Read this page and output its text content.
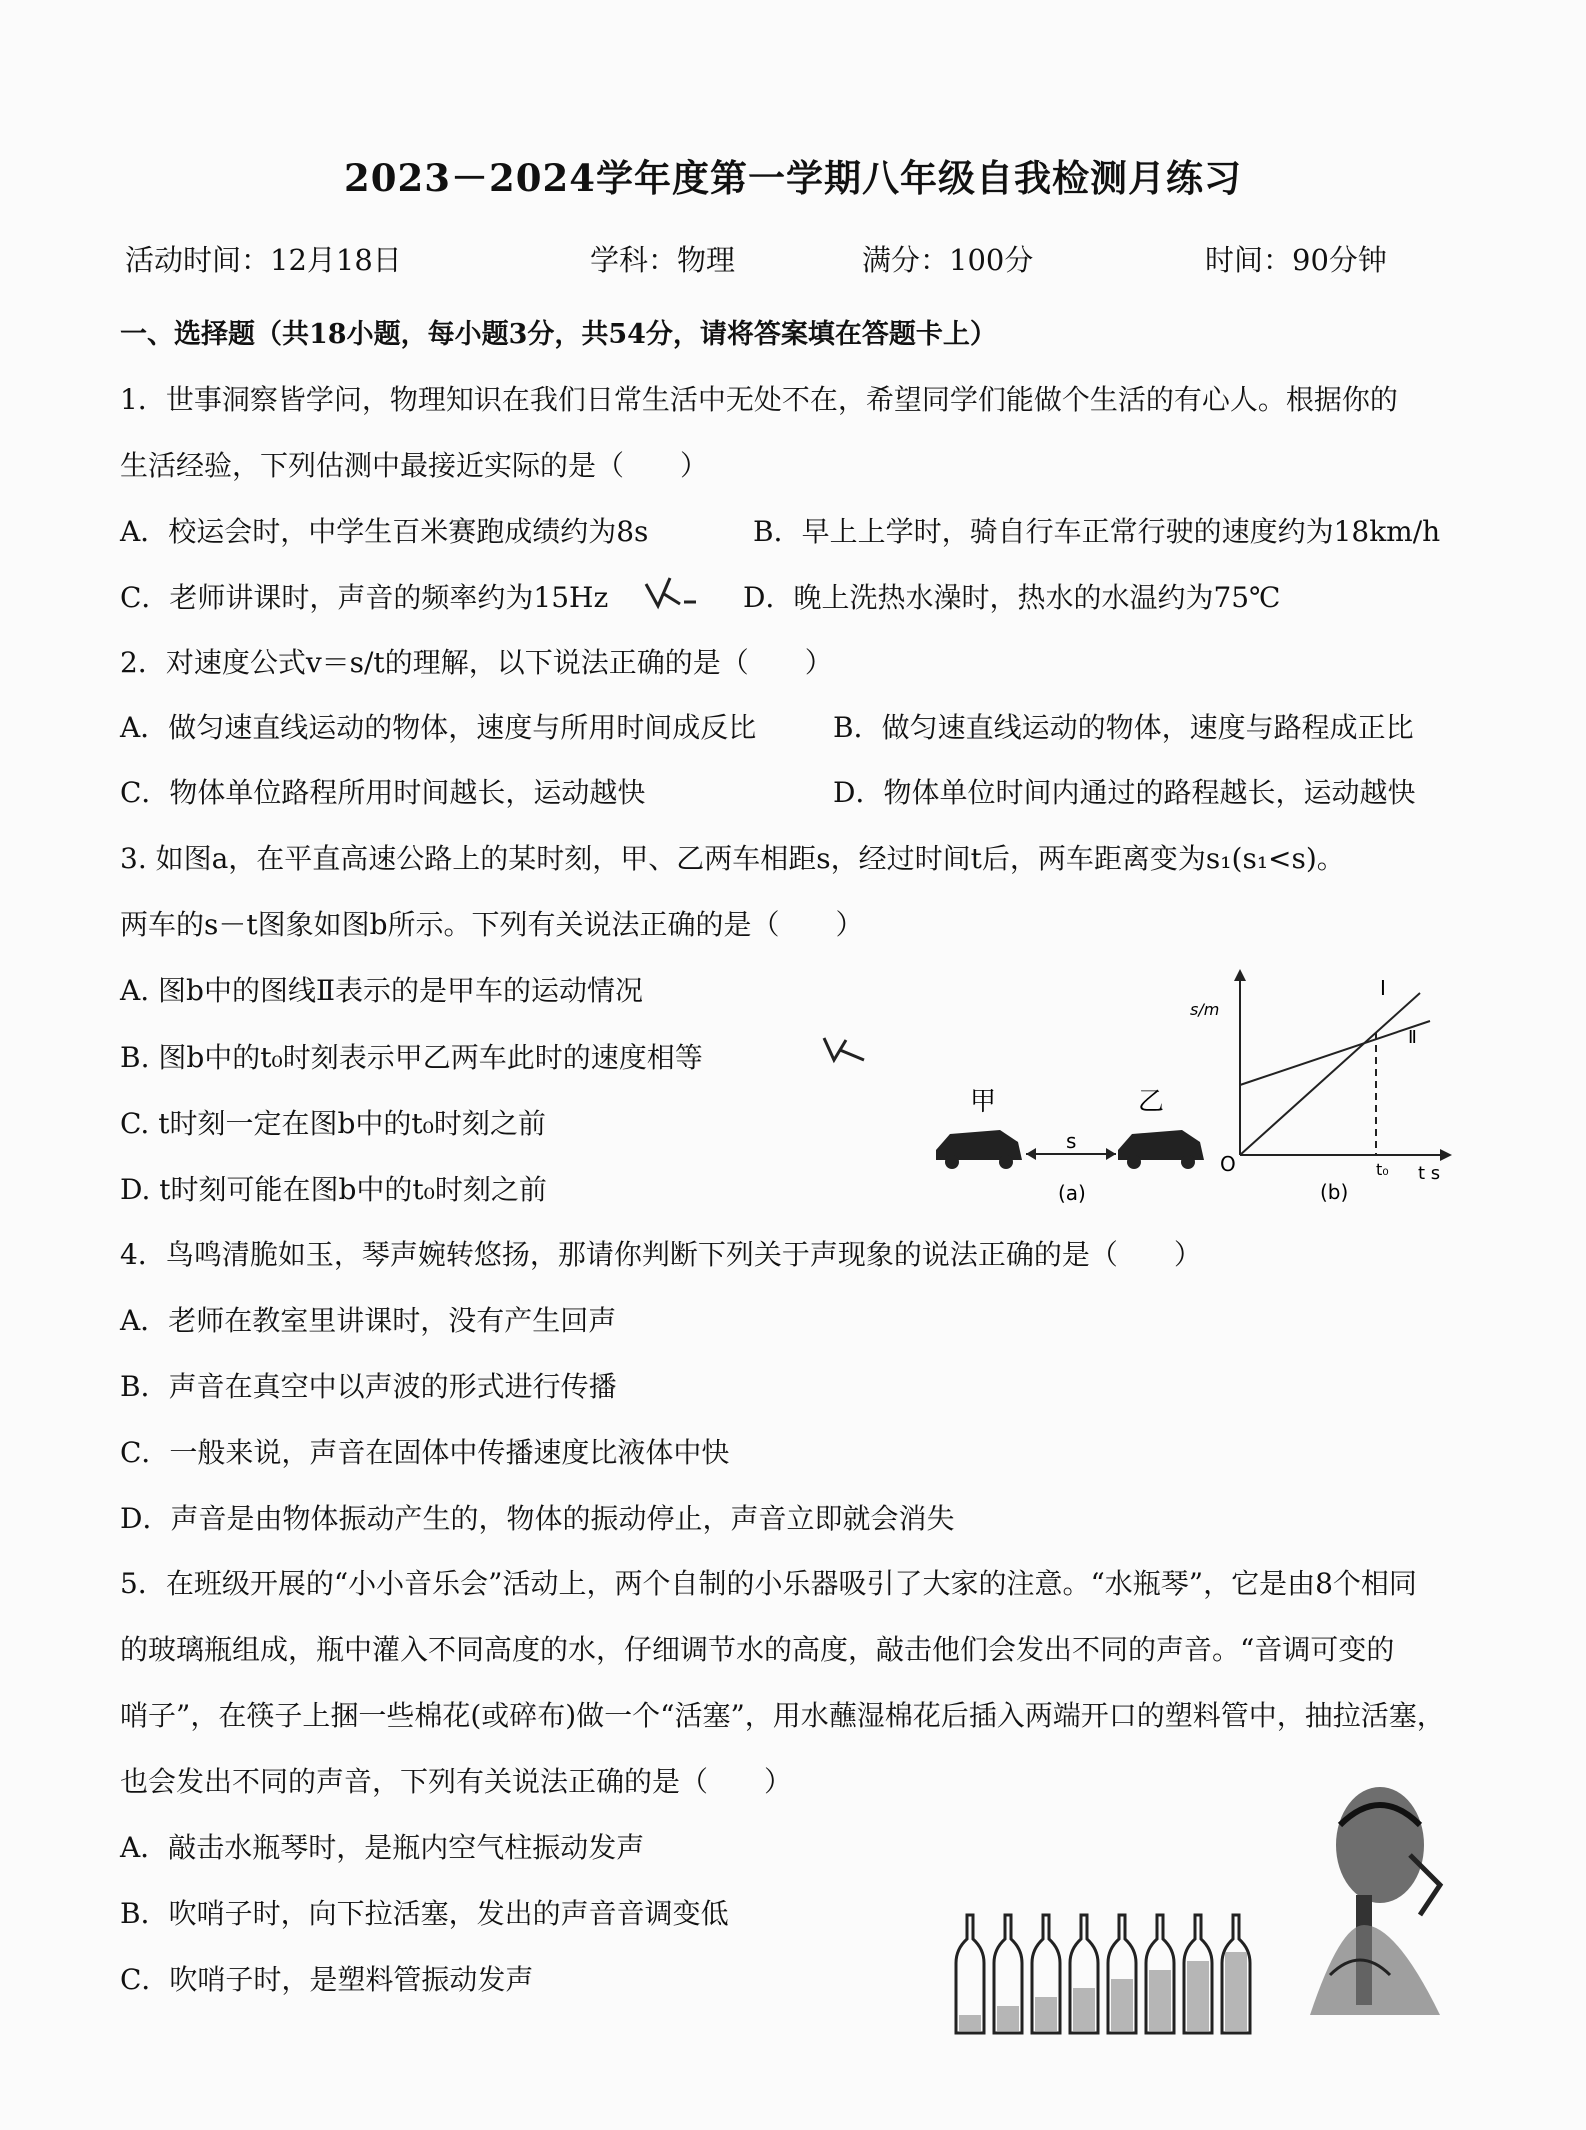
2023－2024学年度第一学期八年级自我检测月练习
活动时间：12月18日	学科：物理	满分：100分	时间：90分钟
一、选择题（共18小题，每小题3分，共54分，请将答案填在答题卡上）
1．世事洞察皆学问，物理知识在我们日常生活中无处不在，希望同学们能做个生活的有心人。根据你的
生活经验，下列估测中最接近实际的是（　　）
A．校运会时，中学生百米赛跑成绩约为8s	B．早上上学时，骑自行车正常行驶的速度约为18km/h
C．老师讲课时，声音的频率约为15Hz	D．晚上洗热水澡时，热水的水温约为75℃
2．对速度公式v＝s/t的理解，以下说法正确的是（　　）
A．做匀速直线运动的物体，速度与所用时间成反比	B．做匀速直线运动的物体，速度与路程成正比
C．物体单位路程所用时间越长，运动越快	D．物体单位时间内通过的路程越长，运动越快
3. 如图a，在平直高速公路上的某时刻，甲、乙两车相距s，经过时间t后，两车距离变为s₁(s₁<s)。
两车的s－t图象如图b所示。下列有关说法正确的是（　　）
A. 图b中的图线Ⅱ表示的是甲车的运动情况
B. 图b中的t₀时刻表示甲乙两车此时的速度相等
C. t时刻一定在图b中的t₀时刻之前
D. t时刻可能在图b中的t₀时刻之前
甲	乙
s
(a)
s/m
O
Ⅰ
Ⅱ
t₀ t s
(b)
4．鸟鸣清脆如玉，琴声婉转悠扬，那请你判断下列关于声现象的说法正确的是（　　）
A．老师在教室里讲课时，没有产生回声
B．声音在真空中以声波的形式进行传播
C．一般来说，声音在固体中传播速度比液体中快
D．声音是由物体振动产生的，物体的振动停止，声音立即就会消失
5．在班级开展的“小小音乐会”活动上，两个自制的小乐器吸引了大家的注意。“水瓶琴”，它是由8个相同
的玻璃瓶组成，瓶中灌入不同高度的水，仔细调节水的高度，敲击他们会发出不同的声音。“音调可变的
哨子”，在筷子上捆一些棉花(或碎布)做一个“活塞”，用水蘸湿棉花后插入两端开口的塑料管中，抽拉活塞，
也会发出不同的声音，下列有关说法正确的是（　　）
A．敲击水瓶琴时，是瓶内空气柱振动发声
B．吹哨子时，向下拉活塞，发出的声音音调变低
C．吹哨子时，是塑料管振动发声
